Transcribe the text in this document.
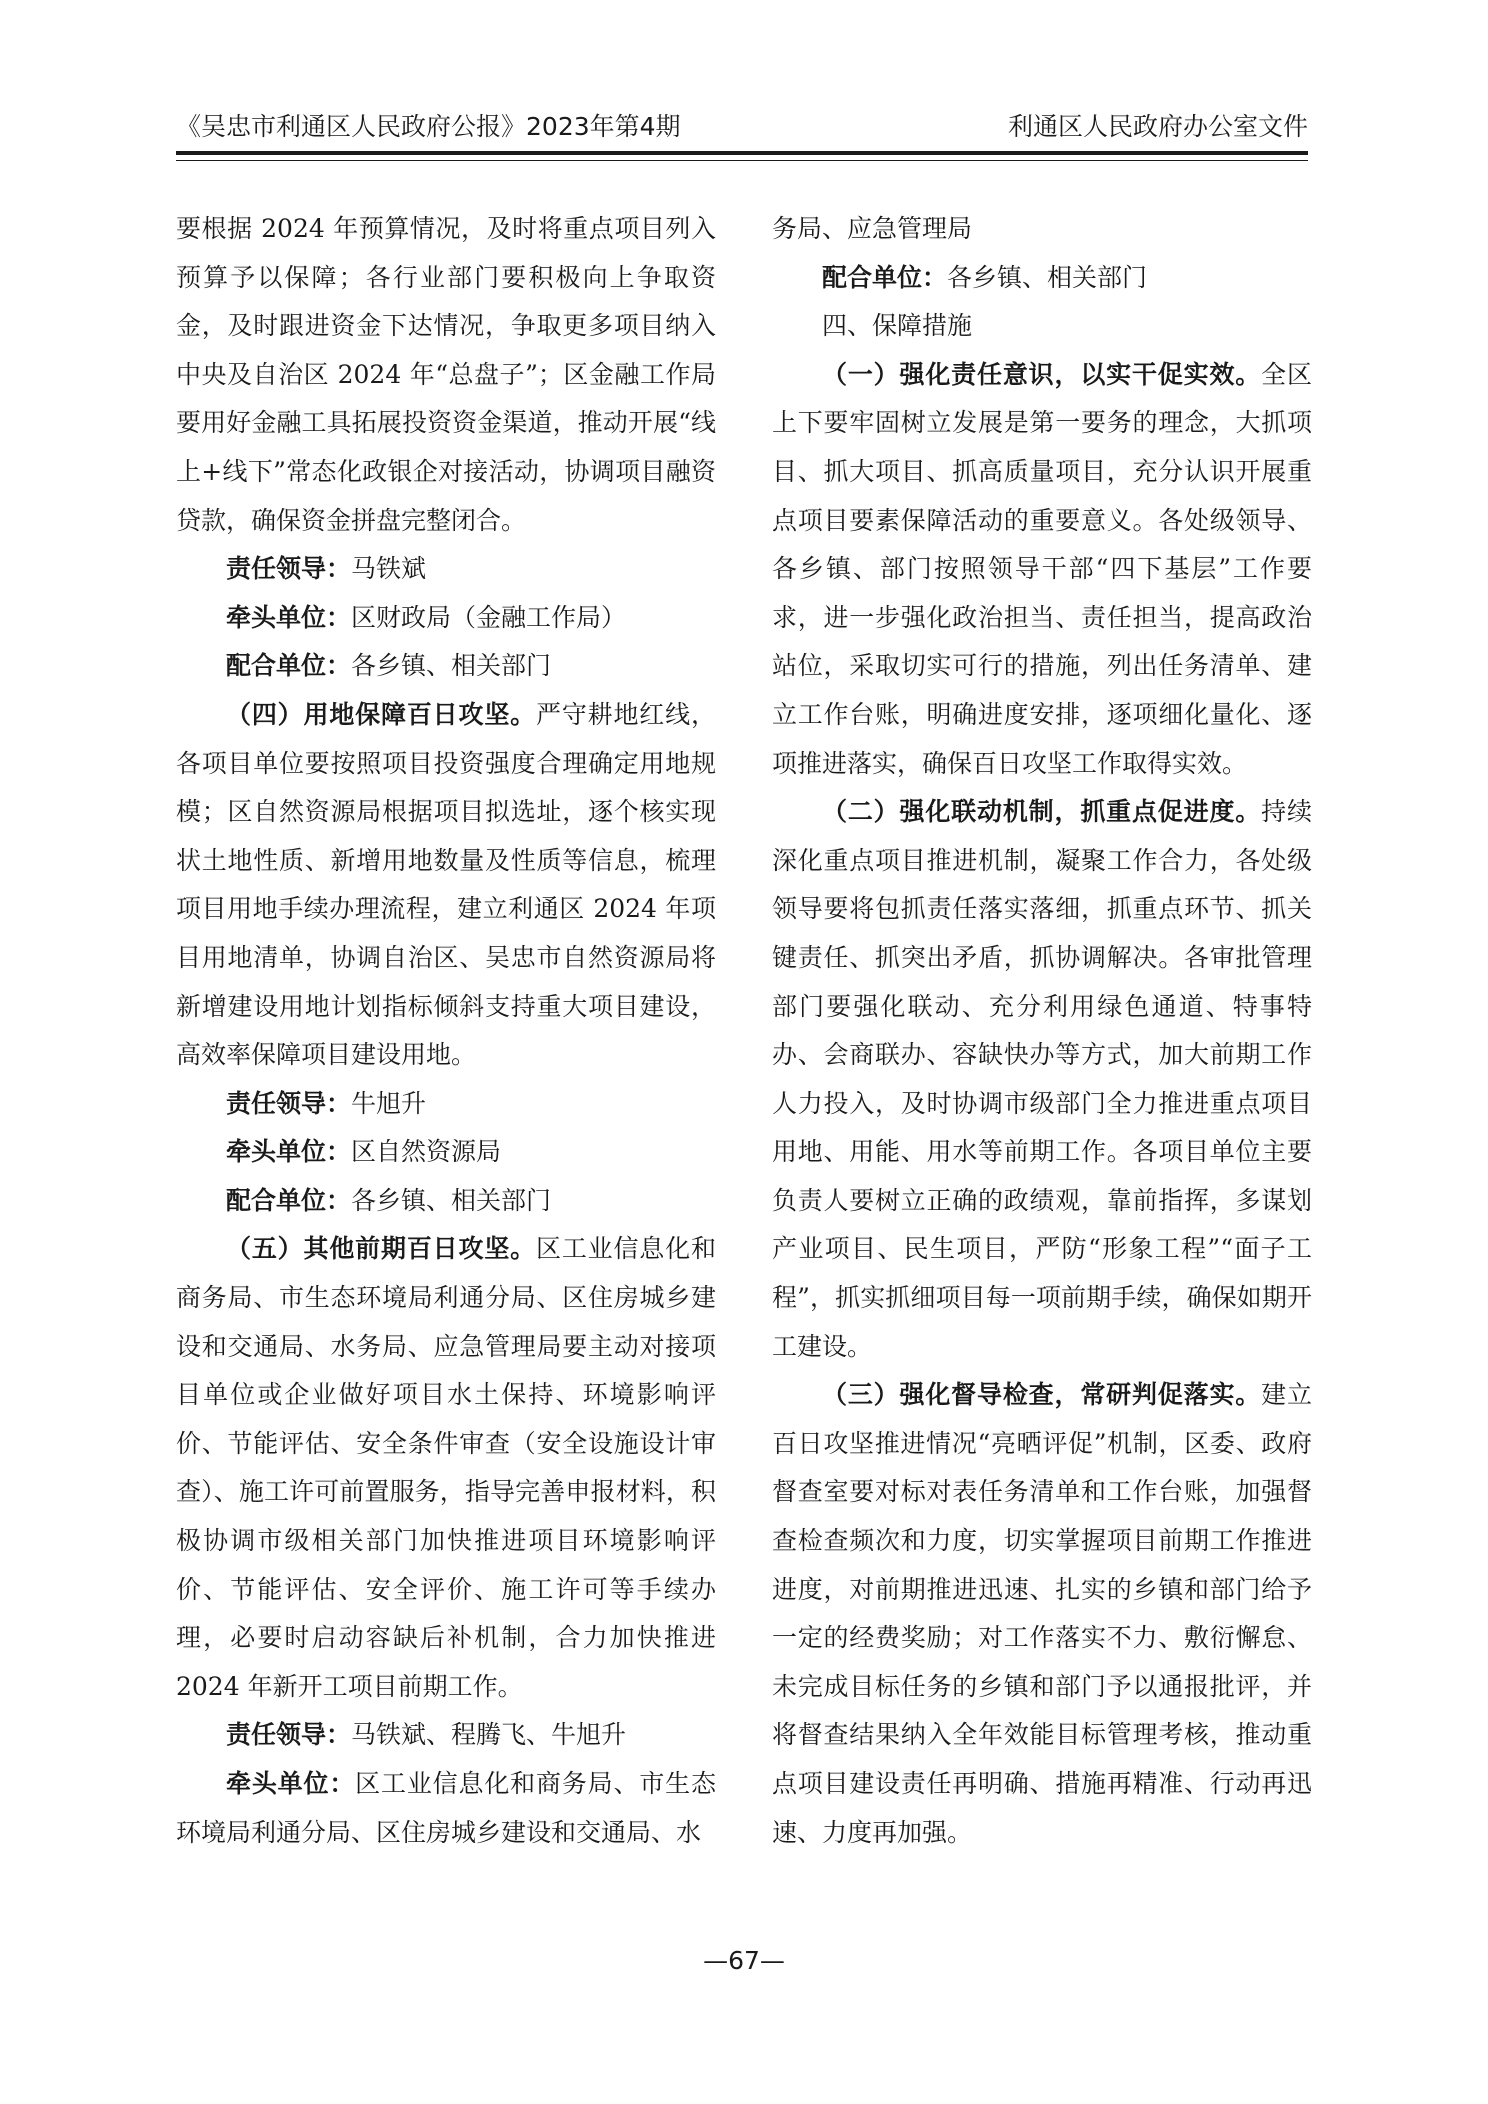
《吴忠市利通区人民政府公报》2023年第4期	利通区人民政府办公室文件

要根据 2024 年预算情况，及时将重点项目列入预算予以保障；各行业部门要积极向上争取资金，及时跟进资金下达情况，争取更多项目纳入中央及自治区 2024 年“总盘子”；区金融工作局要用好金融工具拓展投资资金渠道，推动开展“线上+线下”常态化政银企对接活动，协调项目融资贷款，确保资金拼盘完整闭合。

责任领导：马铁斌

牵头单位：区财政局（金融工作局）

配合单位：各乡镇、相关部门

（四）用地保障百日攻坚。严守耕地红线，各项目单位要按照项目投资强度合理确定用地规模；区自然资源局根据项目拟选址，逐个核实现状土地性质、新增用地数量及性质等信息，梳理项目用地手续办理流程，建立利通区 2024 年项目用地清单，协调自治区、吴忠市自然资源局将新增建设用地计划指标倾斜支持重大项目建设，高效率保障项目建设用地。

责任领导：牛旭升

牵头单位：区自然资源局

配合单位：各乡镇、相关部门

（五）其他前期百日攻坚。区工业信息化和商务局、市生态环境局利通分局、区住房城乡建设和交通局、水务局、应急管理局要主动对接项目单位或企业做好项目水土保持、环境影响评价、节能评估、安全条件审查（安全设施设计审查）、施工许可前置服务，指导完善申报材料，积极协调市级相关部门加快推进项目环境影响评价、节能评估、安全评价、施工许可等手续办理，必要时启动容缺后补机制，合力加快推进2024 年新开工项目前期工作。

责任领导：马铁斌、程腾飞、牛旭升

牵头单位：区工业信息化和商务局、市生态环境局利通分局、区住房城乡建设和交通局、水

务局、应急管理局

配合单位：各乡镇、相关部门

四、保障措施

（一）强化责任意识，以实干促实效。全区上下要牢固树立发展是第一要务的理念，大抓项目、抓大项目、抓高质量项目，充分认识开展重点项目要素保障活动的重要意义。各处级领导、各乡镇、部门按照领导干部“四下基层”工作要求，进一步强化政治担当、责任担当，提高政治站位，采取切实可行的措施，列出任务清单、建立工作台账，明确进度安排，逐项细化量化、逐项推进落实，确保百日攻坚工作取得实效。

（二）强化联动机制，抓重点促进度。持续深化重点项目推进机制，凝聚工作合力，各处级领导要将包抓责任落实落细，抓重点环节、抓关键责任、抓突出矛盾，抓协调解决。各审批管理部门要强化联动、充分利用绿色通道、特事特办、会商联办、容缺快办等方式，加大前期工作人力投入，及时协调市级部门全力推进重点项目用地、用能、用水等前期工作。各项目单位主要负责人要树立正确的政绩观，靠前指挥，多谋划产业项目、民生项目，严防“形象工程”“面子工程”，抓实抓细项目每一项前期手续，确保如期开工建设。

（三）强化督导检查，常研判促落实。建立百日攻坚推进情况“亮晒评促”机制，区委、政府督查室要对标对表任务清单和工作台账，加强督查检查频次和力度，切实掌握项目前期工作推进进度，对前期推进迅速、扎实的乡镇和部门给予一定的经费奖励；对工作落实不力、敷衍懈怠、未完成目标任务的乡镇和部门予以通报批评，并将督查结果纳入全年效能目标管理考核，推动重点项目建设责任再明确、措施再精准、行动再迅速、力度再加强。

—67—
